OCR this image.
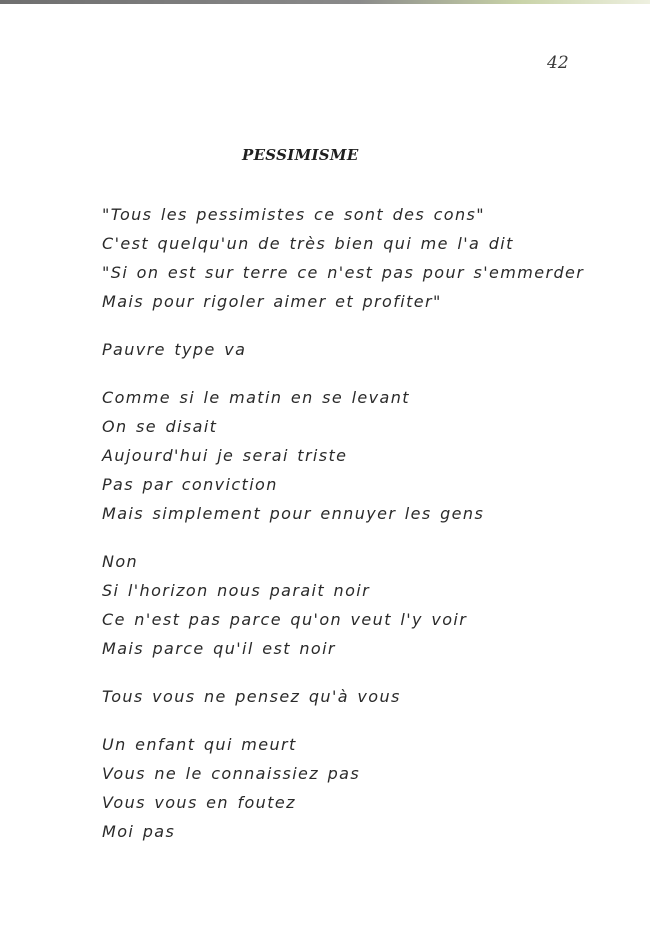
42
PESSIMISME
"Tous les pessimistes ce sont des cons"
C'est quelqu'un de très bien qui me l'a dit
"Si on est sur terre ce n'est pas pour s'emmerder
Mais pour rigoler aimer et profiter"
Pauvre type va
Comme si le matin en se levant
On se disait
Aujourd'hui je serai triste
Pas par conviction
Mais simplement pour ennuyer les gens
Non
Si l'horizon nous parait noir
Ce n'est pas parce qu'on veut l'y voir
Mais parce qu'il est noir
Tous vous ne pensez qu'à vous
Un enfant qui meurt
Vous ne le connaissiez pas
Vous vous en foutez
Moi pas
